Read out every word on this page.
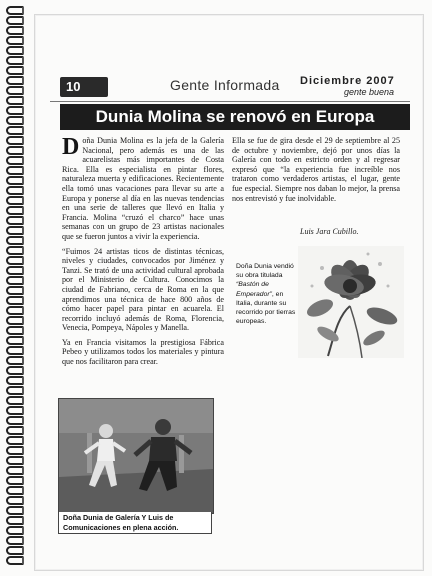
10	Gente Informada Diciembre 2007
gente buena
Dunia Molina se renovó en Europa

Doña Dunia Molina es la jefa de la Galería Nacional, pero además es una de las acuarelistas más importantes de Costa Rica. Ella es especialista en pintar flores, naturaleza muerta y edificaciones. Recientemente ella tomó unas vacaciones para llevar su arte a Europa y ponerse al día en las nuevas tendencias en una serie de talleres que llevó en Italia y Francia. Molina “cruzó el charco” hace unas semanas con un grupo de 23 artistas nacionales que se fueron juntos a vivir la experiencia.

“Fuimos 24 artistas ticos de distintas técnicas, niveles y ciudades, convocados por Jiménez y Tanzi. Se trató de una actividad cultural aprobada por el Ministerio de Cultura. Conocimos la ciudad de Fabriano, cerca de Roma en la que aprendimos una técnica de hace 800 años de cómo hacer papel para pintar en acuarela. El recorrido incluyó además de Roma, Florencia, Venecia, Pompeya, Nápoles y Manella.

Ya en Francia visitamos la prestigiosa Fábrica Pebeo y utilizamos todos los materiales y pintura que nos facilitaron para crear.

Ella se fue de gira desde el 29 de septiembre al 25 de octubre y noviembre, dejó por unos días la Galería con todo en estricto orden y al regresar expresó que “la experiencia fue increíble nos trataron como verdaderos artistas, el lugar, gente fue especial. Siempre nos daban lo mejor, la prensa nos entrevistó y fue inolvidable.

Luis Jara Cubillo.
Doña Dunia vendió su obra titulada “Bastón de Emperador”, en Italia, durante su recorrido por tierras europeas.
Doña Dunia de Galería Y Luis de Comunicaciones en plena acción.
